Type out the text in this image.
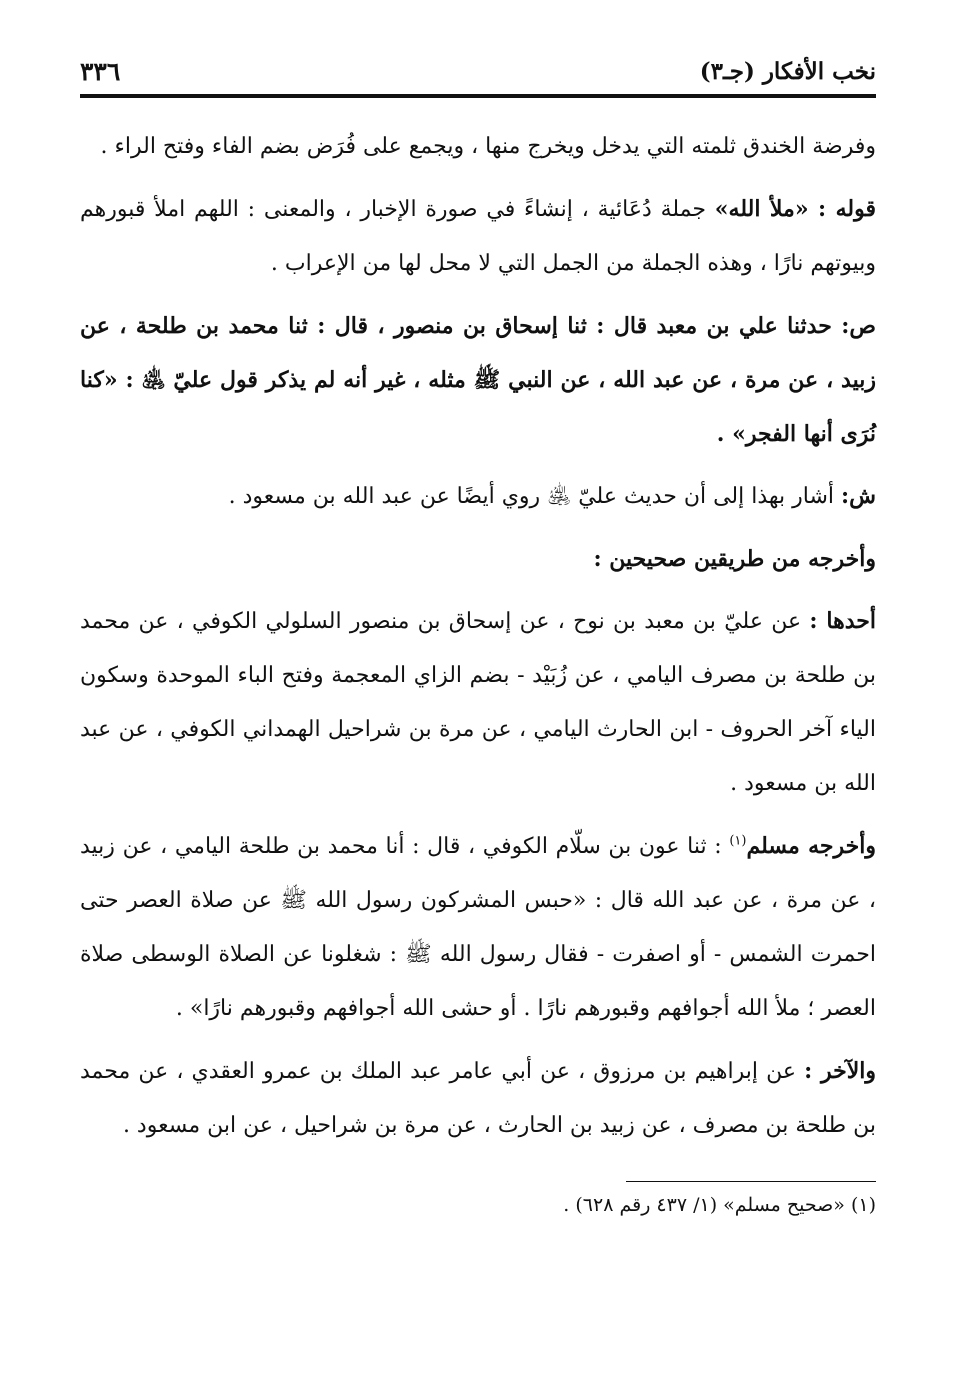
نخب الأفكار (جـ٣)
٣٣٦

وفرضة الخندق ثلمته التي يدخل ويخرج منها ، ويجمع على فُرَض بضم الفاء وفتح الراء .

قوله : «ملأ الله» جملة دُعَائية ، إنشاءً في صورة الإخبار ، والمعنى : اللهم املأ قبورهم وبيوتهم نارًا ، وهذه الجملة من الجمل التي لا محل لها من الإعراب .

ص: حدثنا علي بن معبد قال : ثنا إسحاق بن منصور ، قال : ثنا محمد بن طلحة ، عن زبيد ، عن مرة ، عن عبد الله ، عن النبي ﷺ مثله ، غير أنه لم يذكر قول عليّ ﵁ : «كنا نُرَى أنها الفجر» .

ش: أشار بهذا إلى أن حديث عليّ ﵁ روي أيضًا عن عبد الله بن مسعود .

وأخرجه من طريقين صحيحين :

أحدها : عن عليّ بن معبد بن نوح ، عن إسحاق بن منصور السلولي الكوفي ، عن محمد بن طلحة بن مصرف اليامي ، عن زُبَيْد - بضم الزاي المعجمة وفتح الباء الموحدة وسكون الياء آخر الحروف - ابن الحارث اليامي ، عن مرة بن شراحيل الهمداني الكوفي ، عن عبد الله بن مسعود .

وأخرجه مسلم$^{(١)}$ : ثنا عون بن سلّام الكوفي ، قال : أنا محمد بن طلحة اليامي ، عن زبيد ، عن مرة ، عن عبد الله قال : «حبس المشركون رسول الله ﷺ عن صلاة العصر حتى احمرت الشمس - أو اصفرت - فقال رسول الله ﷺ : شغلونا عن الصلاة الوسطى صلاة العصر ؛ ملأ الله أجوافهم وقبورهم نارًا . أو حشى الله أجوافهم وقبورهم نارًا» .

والآخر : عن إبراهيم بن مرزوق ، عن أبي عامر عبد الملك بن عمرو العقدي ، عن محمد بن طلحة بن مصرف ، عن زبيد بن الحارث ، عن مرة بن شراحيل ، عن ابن مسعود .

(١) «صحيح مسلم» (١/ ٤٣٧ رقم ٦٢٨) .
